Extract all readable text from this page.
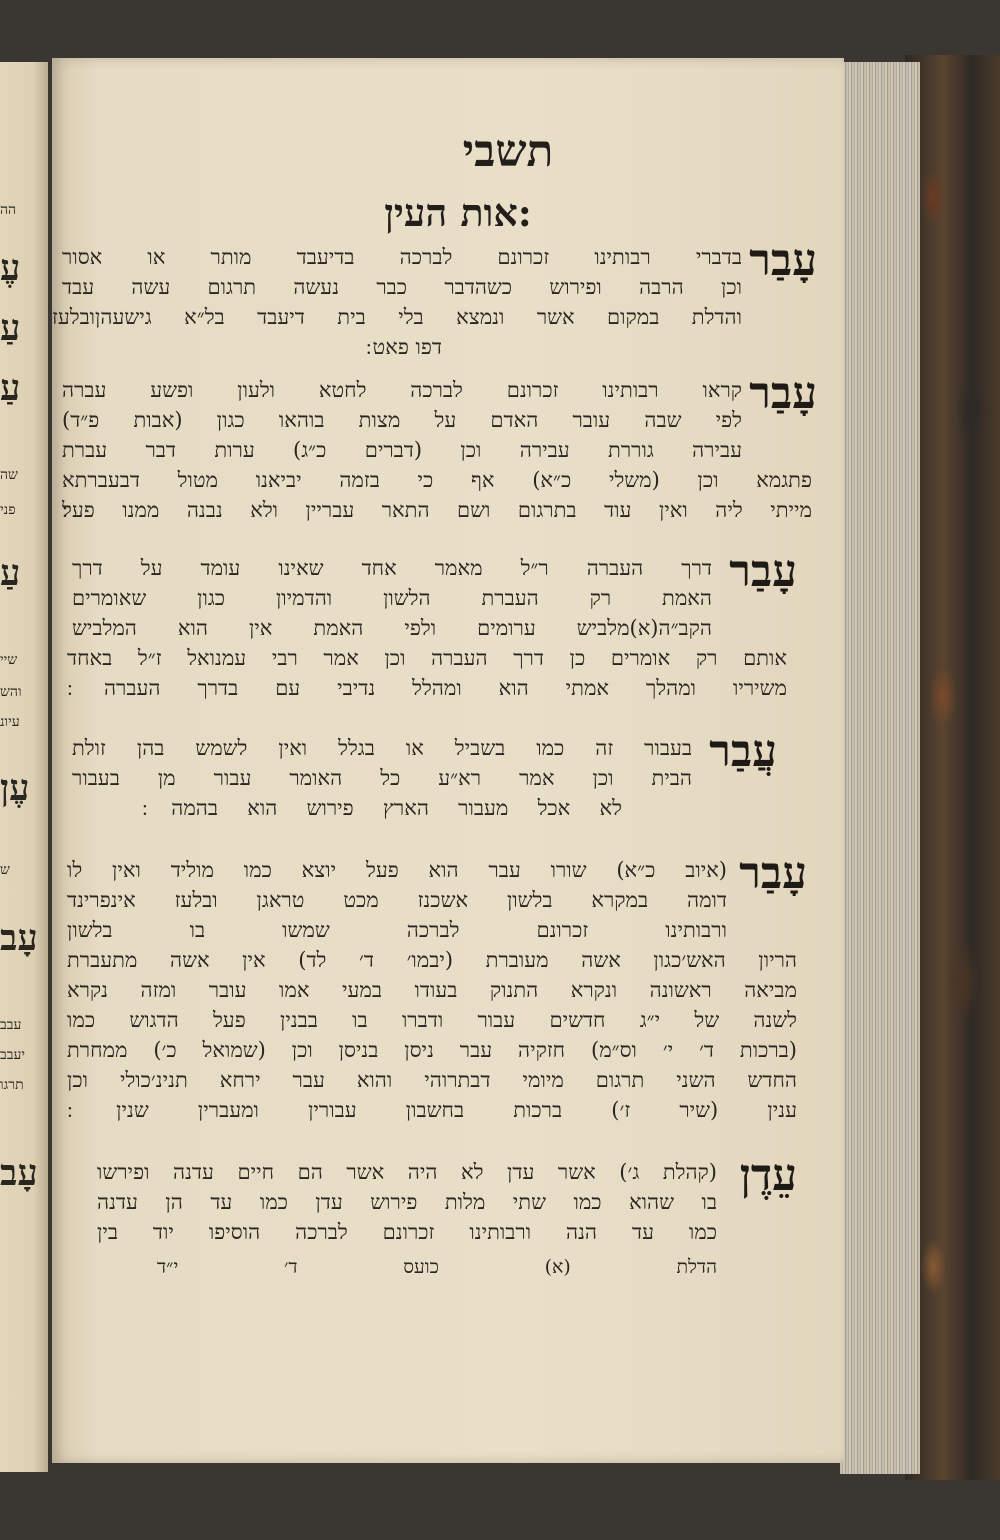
הה
עֶ
עַ
עַ
שה
פני
עַ
שיי
והש
עיונ
עֶן
ש
עָב
עבב
יעבב
תרגו
עָב
תשבי
אות העין:
עָבַר
בדברי רבותינו זכרונם לברכה בדיעבד מותר או אסור
וכן הרבה ופירוש כשהדבר כבר נעשה תרגום עשה עבד
והדלת במקום אשר ונמצא בלי בית דיעבד בל״א גישעהןובלעז
דפו פאט ׃
עָבַר
קראו רבותינו זכרונם לברכה לחטא ולעון ופשע עברה
לפי שבה עובר האדם על מצות בוהאו כגון (אבות פ״ד)
עבירה גוררת עבירה וכן (דברים כ״ג) ערות דבר עברת
פתגמא וכן (משלי כ״א) אף כי בזמה יביאנו מטול דבעברתא
מייתי ליה ואין עוד בתרגום ושם התאר עבריין ולא נבנה ממנו פעל׃
עָבַר
דרך העברה ר״ל מאמר אחד שאינו עומד על דרך
האמת רק העברת הלשון והדמיון כגון שאומרים
הקב״ה(א)מלביש ערומים ולפי האמת אין הוא המלביש
אותם רק אומרים כן דרך העברה וכן אמר רבי עמנואל ז״ל באחד
משיריו ומהלך אמתי הוא ומהלל נדיבי עם בדרך העברה ׃
עֲבַר
בעבור זה כמו בשביל או בגלל ואין לשמש בהן זולת
הבית וכן אמר רא״ע כל האומר עבור מן בעבור
לא אכל מעבור הארץ פירוש הוא בהמה ׃
עָבַר
(איוב כ״א) שורו עבר הוא פעל יוצא כמו מוליד ואין לו
דומה במקרא בלשון אשכנז מכט טראגן ובלעז אינפרינד
ורבותינו זכרונם לברכה שמשו בו בלשון
הריון האש׳כגון אשה מעוברת (יבמו׳ ד׳ לד) אין אשה מתעברת
מביאה ראשונה ונקרא התנוק בעודו במעי אמו עובר ומזה נקרא
לשנה של י״ג חדשים עבור ודברו בו בבנין פעל הדגוש כמו
(ברכות ד׳ י׳ וס״מ) חזקיה עבר ניסן בניסן וכן (שמואל כ׳) ממחרת
החדש השני תרגום מיומי דבתרוהי והוא עבר ירחא תנינ׳כולי וכן
ענין (שיר ז׳) ברכות בחשבון עבורין ומעברין שנין ׃
עֵדֶן
(קהלת ג׳) אשר עדן לא היה אשר הם חיים עדנה ופירשו
בו שהוא כמו שתי מלות פירוש עדן כמו עד הן עדנה
כמו עד הנה ורבותינו זכרונם לברכה הוסיפו יוד בין
הדלת (א) כועס ד׳ י״ד
